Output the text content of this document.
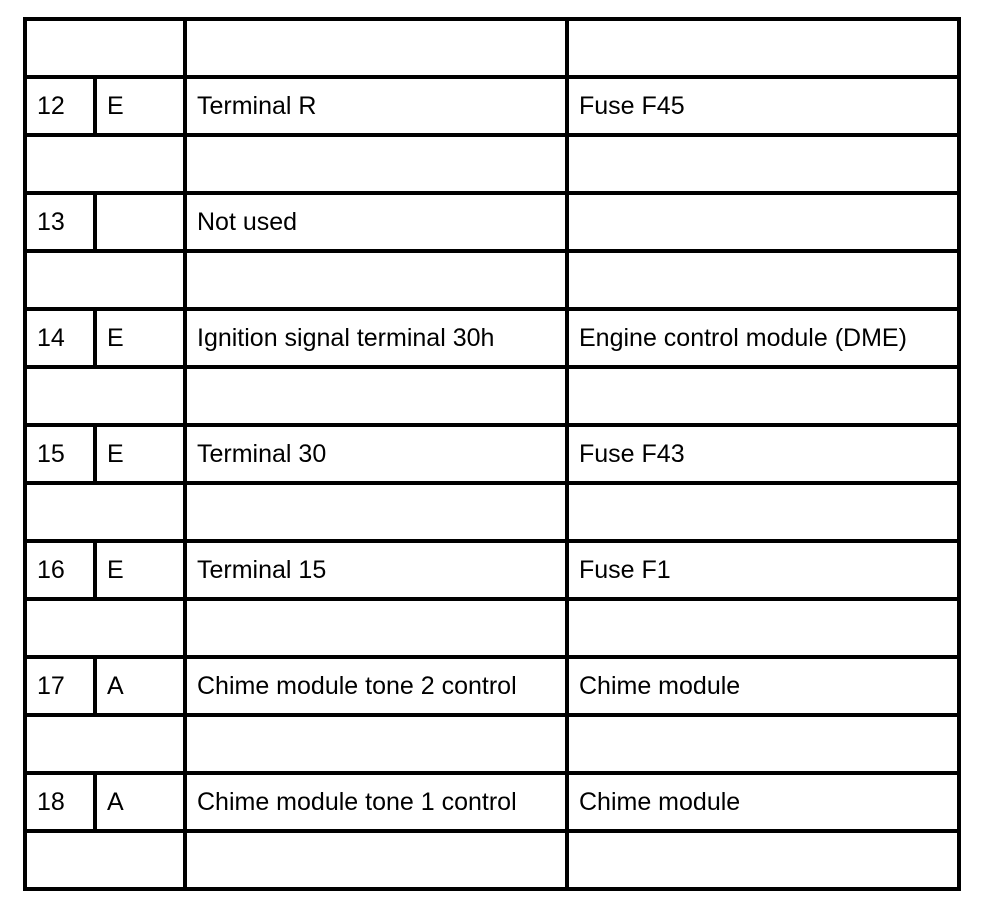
12	E	Terminal R	Fuse F45

13		Not used	

14	E	Ignition signal terminal 30h	Engine control module (DME)

15	E	Terminal 30	Fuse F43

16	E	Terminal 15	Fuse F1

17	A	Chime module tone 2 control	Chime module

18	A	Chime module tone 1 control	Chime module
